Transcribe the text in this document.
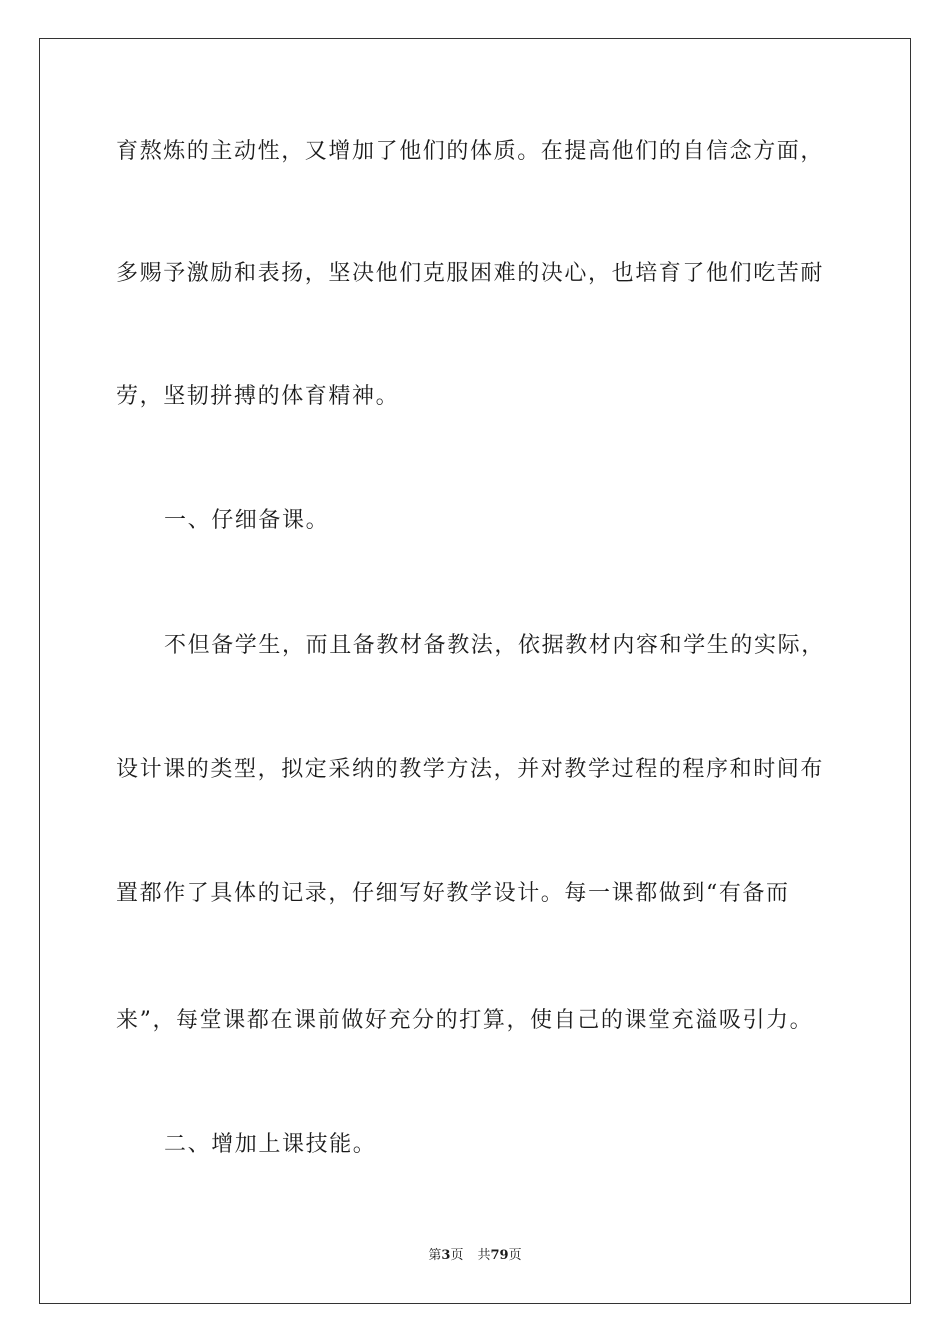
育熬炼的主动性，又增加了他们的体质。在提高他们的自信念方面，
多赐予激励和表扬，坚决他们克服困难的决心，也培育了他们吃苦耐
劳，坚韧拼搏的体育精神。
一、仔细备课。
不但备学生，而且备教材备教法，依据教材内容和学生的实际，
设计课的类型，拟定采纳的教学方法，并对教学过程的程序和时间布
置都作了具体的记录，仔细写好教学设计。每一课都做到“有备而
来”，每堂课都在课前做好充分的打算，使自己的课堂充溢吸引力。
二、增加上课技能。
第3页 共79页
